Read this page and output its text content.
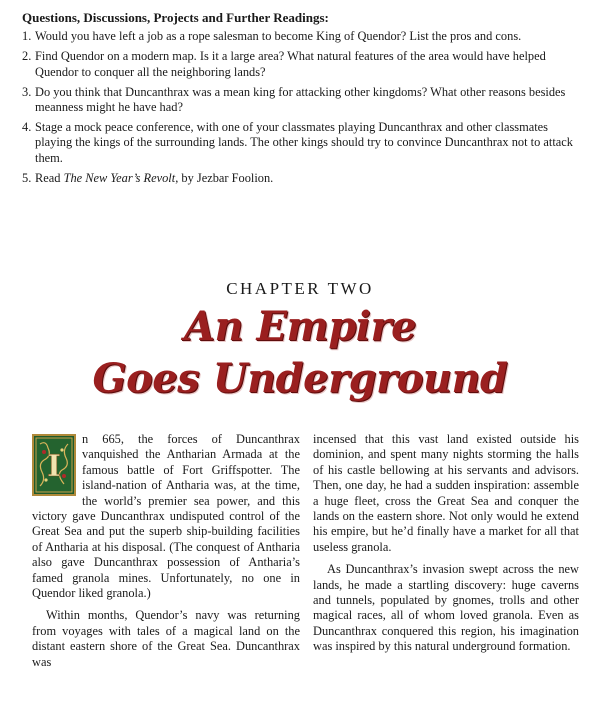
Questions, Discussions, Projects and Further Readings:
1. Would you have left a job as a rope salesman to become King of Quendor? List the pros and cons.
2. Find Quendor on a modern map. Is it a large area? What natural features of the area would have helped Quendor to conquer all the neighboring lands?
3. Do you think that Duncanthrax was a mean king for attacking other kingdoms? What other reasons besides meanness might he have had?
4. Stage a mock peace conference, with one of your classmates playing Duncanthrax and other classmates playing the kings of the surrounding lands. The other kings should try to convince Duncanthrax not to attack them.
5. Read The New Year’s Revolt, by Jezbar Foolion.
CHAPTER TWO
An Empire
Goes Underground
I

n 665, the forces of Duncanthrax vanquished the Antharian Armada at the famous battle of Fort Griffspotter. The island-nation of Antharia was, at the time, the world’s premier sea power, and this victory gave Duncanthrax undisputed control of the Great Sea and put the superb ship-building facilities of Antharia at his disposal. (The conquest of Antharia also gave Duncanthrax possession of Antharia’s famed granola mines. Unfortunately, no one in Quendor liked granola.)

Within months, Quendor’s navy was returning from voyages with tales of a magical land on the distant eastern shore of the Great Sea. Duncanthrax was

incensed that this vast land existed outside his dominion, and spent many nights storming the halls of his castle bellowing at his servants and advisors. Then, one day, he had a sudden inspiration: assemble a huge fleet, cross the Great Sea and conquer the lands on the eastern shore. Not only would he extend his empire, but he’d finally have a market for all that useless granola.

As Duncanthrax’s invasion swept across the new lands, he made a startling discovery: huge caverns and tunnels, populated by gnomes, trolls and other magical races, all of whom loved granola. Even as Duncanthrax conquered this region, his imagination was inspired by this natural underground formation.
